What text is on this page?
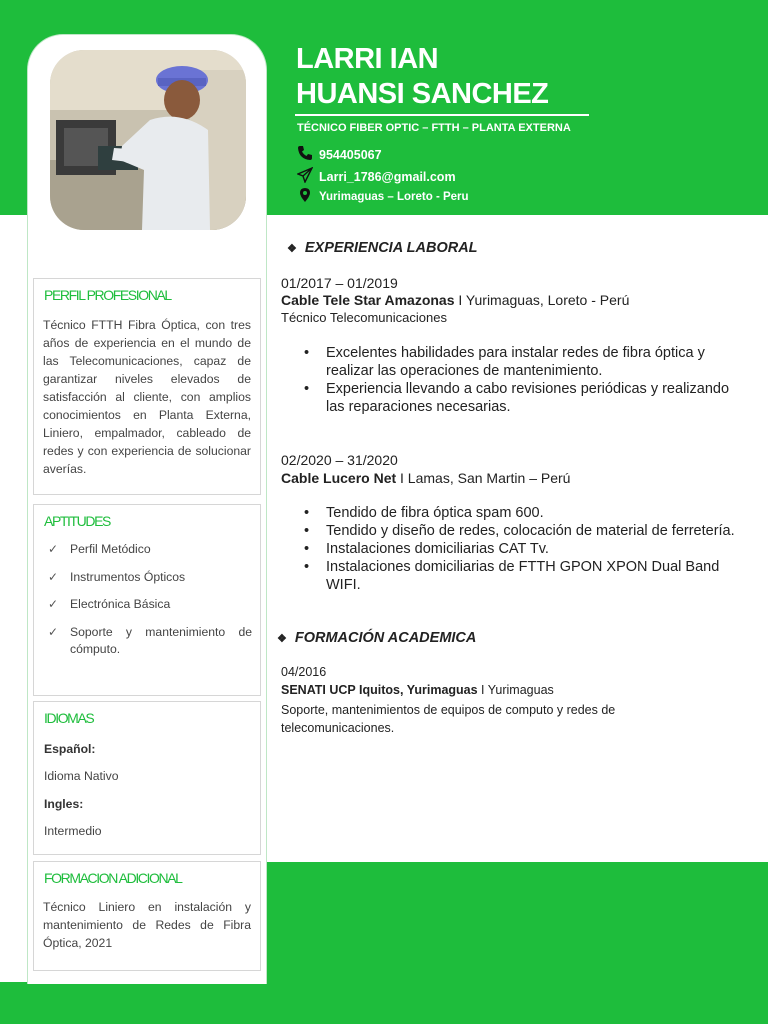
PERFIL PROFESIONAL
Técnico FTTH Fibra Óptica, con tres años de experiencia en el mundo de las Telecomunicaciones, capaz de garantizar niveles elevados de satisfacción al cliente, con amplios conocimientos en Planta Externa, Liniero, empalmador, cableado de redes y con experiencia de solucionar averías.
APTITUDES
✓ Perfil Metódico
✓ Instrumentos Ópticos
✓ Electrónica Básica
✓ Soporte y mantenimiento de cómputo.
IDIOMAS
Español:
Idioma Nativo
Ingles:
Intermedio
FORMACION ADICIONAL
Técnico Liniero en instalación y mantenimiento de Redes de Fibra Óptica, 2021
LARRI IAN
HUANSI SANCHEZ
TÉCNICO FIBER OPTIC – FTTH – PLANTA EXTERNA
954405067
Larri_1786@gmail.com
Yurimaguas – Loreto - Peru
❖ EXPERIENCIA LABORAL
01/2017 – 01/2019
Cable Tele Star Amazonas I Yurimaguas, Loreto - Perú
Técnico Telecomunicaciones
• Excelentes habilidades para instalar redes de fibra óptica y realizar las operaciones de mantenimiento.
• Experiencia llevando a cabo revisiones periódicas y realizando las reparaciones necesarias.
02/2020 – 31/2020
Cable Lucero Net I Lamas, San Martin – Perú
• Tendido de fibra óptica spam 600.
• Tendido y diseño de redes, colocación de material de ferretería.
• Instalaciones domiciliarias CAT Tv.
• Instalaciones domiciliarias de FTTH GPON XPON Dual Band WIFI.
❖ FORMACIÓN ACADEMICA
04/2016
SENATI UCP Iquitos, Yurimaguas I Yurimaguas
Soporte, mantenimientos de equipos de computo y redes de telecomunicaciones.
